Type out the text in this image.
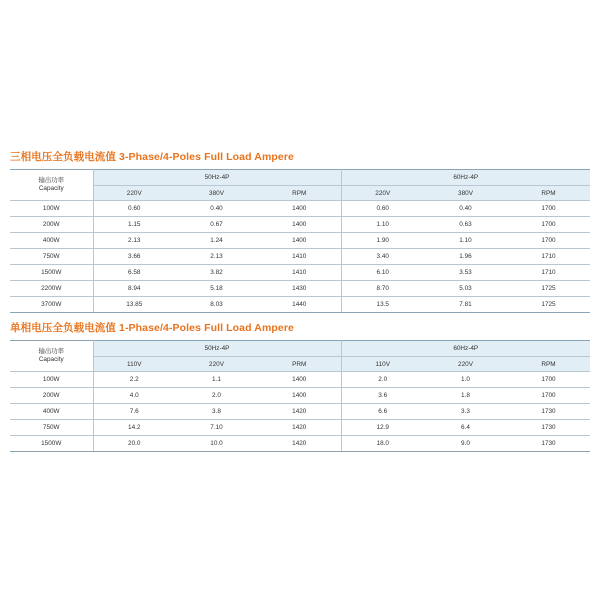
三相电压全负载电流值 3-Phase/4-Poles Full Load Ampere
输出功率
Capacity	50Hz-4P			60Hz-4P		
	220V	380V	RPM	220V	380V	RPM
100W	0.60	0.40	1400	0.60	0.40	1700
200W	1.15	0.67	1400	1.10	0.63	1700
400W	2.13	1.24	1400	1.90	1.10	1700
750W	3.66	2.13	1410	3.40	1.96	1710
1500W	6.58	3.82	1410	6.10	3.53	1710
2200W	8.94	5.18	1430	8.70	5.03	1725
3700W	13.85	8.03	1440	13.5	7.81	1725
单相电压全负载电流值 1-Phase/4-Poles Full Load Ampere
输出功率
Capacity	50Hz-4P			60Hz-4P		
	110V	220V	PRM	110V	220V	RPM
100W	2.2	1.1	1400	2.0	1.0	1700
200W	4.0	2.0	1400	3.6	1.8	1700
400W	7.6	3.8	1420	6.6	3.3	1730
750W	14.2	7.10	1420	12.9	6.4	1730
1500W	20.0	10.0	1420	18.0	9.0	1730
